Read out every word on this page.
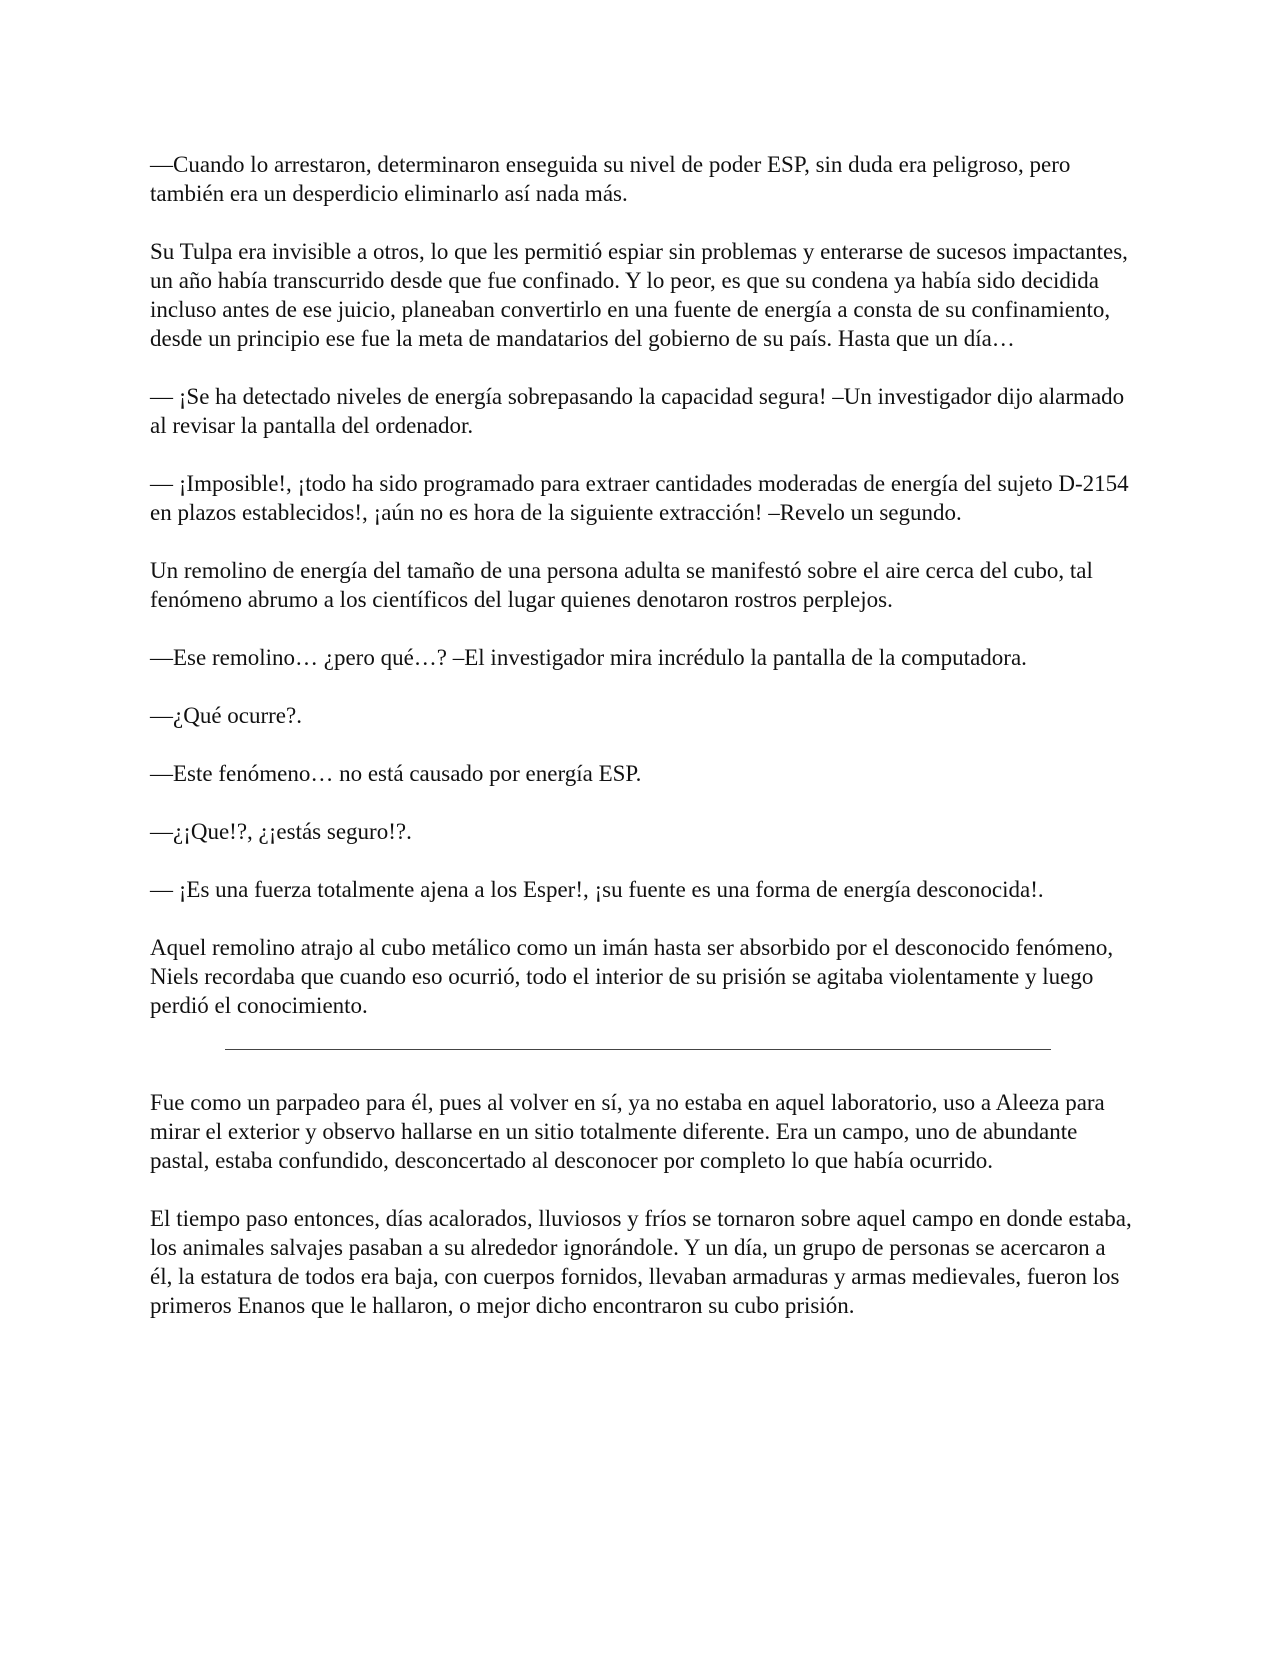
—Cuando lo arrestaron, determinaron enseguida su nivel de poder ESP, sin duda era peligroso, pero también era un desperdicio eliminarlo así nada más.

Su Tulpa era invisible a otros, lo que les permitió espiar sin problemas y enterarse de sucesos impactantes, un año había transcurrido desde que fue confinado. Y lo peor, es que su condena ya había sido decidida incluso antes de ese juicio, planeaban convertirlo en una fuente de energía a consta de su confinamiento, desde un principio ese fue la meta de mandatarios del gobierno de su país. Hasta que un día…

— ¡Se ha detectado niveles de energía sobrepasando la capacidad segura! –Un investigador dijo alarmado al revisar la pantalla del ordenador.

— ¡Imposible!, ¡todo ha sido programado para extraer cantidades moderadas de energía del sujeto D-2154 en plazos establecidos!, ¡aún no es hora de la siguiente extracción! –Revelo un segundo.

Un remolino de energía del tamaño de una persona adulta se manifestó sobre el aire cerca del cubo, tal fenómeno abrumo a los científicos del lugar quienes denotaron rostros perplejos.

—Ese remolino… ¿pero qué…? –El investigador mira incrédulo la pantalla de la computadora.

—¿Qué ocurre?.

—Este fenómeno… no está causado por energía ESP.

—¿¡Que!?, ¿¡estás seguro!?.

— ¡Es una fuerza totalmente ajena a los Esper!, ¡su fuente es una forma de energía desconocida!.

Aquel remolino atrajo al cubo metálico como un imán hasta ser absorbido por el desconocido fenómeno, Niels recordaba que cuando eso ocurrió, todo el interior de su prisión se agitaba violentamente y luego perdió el conocimiento.

Fue como un parpadeo para él, pues al volver en sí, ya no estaba en aquel laboratorio, uso a Aleeza para mirar el exterior y observo hallarse en un sitio totalmente diferente. Era un campo, uno de abundante pastal, estaba confundido, desconcertado al desconocer por completo lo que había ocurrido.

El tiempo paso entonces, días acalorados, lluviosos y fríos se tornaron sobre aquel campo en donde estaba, los animales salvajes pasaban a su alrededor ignorándole. Y un día, un grupo de personas se acercaron a él, la estatura de todos era baja, con cuerpos fornidos, llevaban armaduras y armas medievales, fueron los primeros Enanos que le hallaron, o mejor dicho encontraron su cubo prisión.
